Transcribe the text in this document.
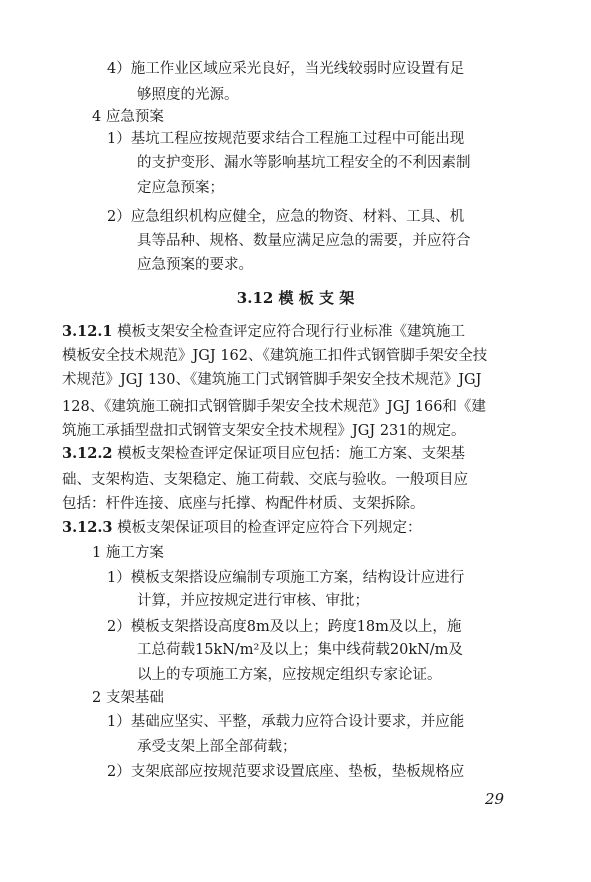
4）施工作业区域应采光良好，当光线较弱时应设置有足
够照度的光源。
4 应急预案
1）基坑工程应按规范要求结合工程施工过程中可能出现
的支护变形、漏水等影响基坑工程安全的不利因素制
定应急预案；
2）应急组织机构应健全，应急的物资、材料、工具、机
具等品种、规格、数量应满足应急的需要，并应符合
应急预案的要求。
3.12 模 板 支 架
3.12.1 模板支架安全检查评定应符合现行行业标准《建筑施工
模板安全技术规范》JGJ 162、《建筑施工扣件式钢管脚手架安全技
术规范》JGJ 130、《建筑施工门式钢管脚手架安全技术规范》JGJ
128、《建筑施工碗扣式钢管脚手架安全技术规范》JGJ 166和《建
筑施工承插型盘扣式钢管支架安全技术规程》JGJ 231的规定。
3.12.2 模板支架检查评定保证项目应包括：施工方案、支架基
础、支架构造、支架稳定、施工荷载、交底与验收。一般项目应
包括：杆件连接、底座与托撑、构配件材质、支架拆除。
3.12.3 模板支架保证项目的检查评定应符合下列规定：
1 施工方案
1）模板支架搭设应编制专项施工方案，结构设计应进行
计算，并应按规定进行审核、审批；
2）模板支架搭设高度8m及以上；跨度18m及以上，施
工总荷载15kN/m²及以上；集中线荷载20kN/m及
以上的专项施工方案，应按规定组织专家论证。
2 支架基础
1）基础应坚实、平整，承载力应符合设计要求，并应能
承受支架上部全部荷载；
2）支架底部应按规范要求设置底座、垫板，垫板规格应
29
